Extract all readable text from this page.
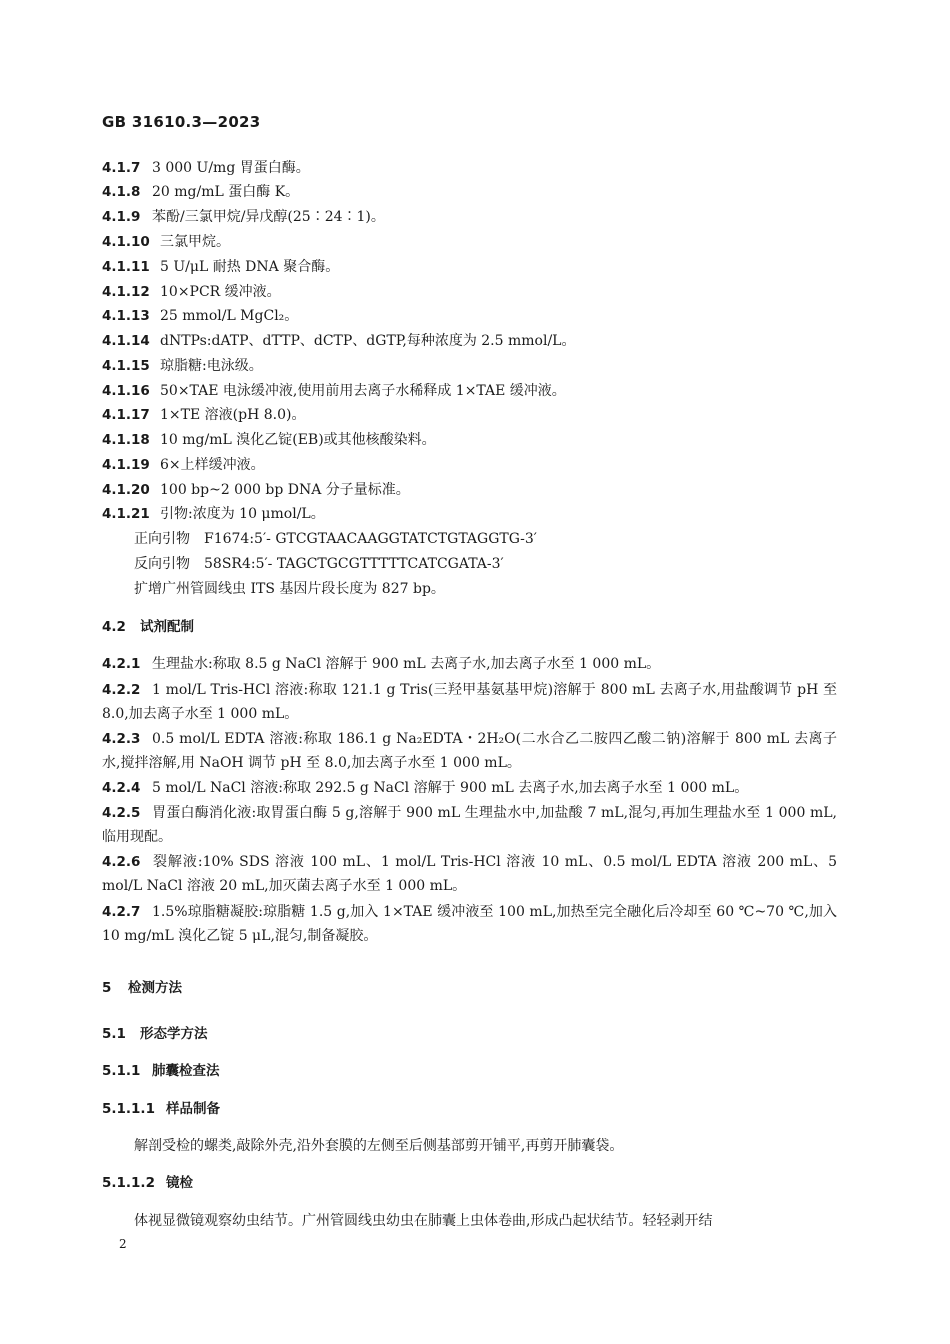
GB 31610.3—2023
4.1.7 3 000 U/mg 胃蛋白酶。
4.1.8 20 mg/mL 蛋白酶 K。
4.1.9 苯酚/三氯甲烷/异戊醇(25∶24∶1)。
4.1.10 三氯甲烷。
4.1.11 5 U/μL 耐热 DNA 聚合酶。
4.1.12 10×PCR 缓冲液。
4.1.13 25 mmol/L MgCl₂。
4.1.14 dNTPs:dATP、dTTP、dCTP、dGTP,每种浓度为 2.5 mmol/L。
4.1.15 琼脂糖:电泳级。
4.1.16 50×TAE 电泳缓冲液,使用前用去离子水稀释成 1×TAE 缓冲液。
4.1.17 1×TE 溶液(pH 8.0)。
4.1.18 10 mg/mL 溴化乙锭(EB)或其他核酸染料。
4.1.19 6×上样缓冲液。
4.1.20 100 bp~2 000 bp DNA 分子量标准。
4.1.21 引物:浓度为 10 μmol/L。
正向引物　F1674:5′- GTCGTAACAAGGTATCTGTAGGTG-3′
反向引物　58SR4:5′- TAGCTGCGTTTTTCATCGATA-3′
扩增广州管圆线虫 ITS 基因片段长度为 827 bp。
4.2 试剂配制
4.2.1 生理盐水:称取 8.5 g NaCl 溶解于 900 mL 去离子水,加去离子水至 1 000 mL。
4.2.2 1 mol/L Tris-HCl 溶液:称取 121.1 g Tris(三羟甲基氨基甲烷)溶解于 800 mL 去离子水,用盐酸调节 pH 至 8.0,加去离子水至 1 000 mL。
4.2.3 0.5 mol/L EDTA 溶液:称取 186.1 g Na₂EDTA・2H₂O(二水合乙二胺四乙酸二钠)溶解于 800 mL 去离子水,搅拌溶解,用 NaOH 调节 pH 至 8.0,加去离子水至 1 000 mL。
4.2.4 5 mol/L NaCl 溶液:称取 292.5 g NaCl 溶解于 900 mL 去离子水,加去离子水至 1 000 mL。
4.2.5 胃蛋白酶消化液:取胃蛋白酶 5 g,溶解于 900 mL 生理盐水中,加盐酸 7 mL,混匀,再加生理盐水至 1 000 mL,临用现配。
4.2.6 裂解液:10% SDS 溶液 100 mL、1 mol/L Tris-HCl 溶液 10 mL、0.5 mol/L EDTA 溶液 200 mL、5 mol/L NaCl 溶液 20 mL,加灭菌去离子水至 1 000 mL。
4.2.7 1.5%琼脂糖凝胶:琼脂糖 1.5 g,加入 1×TAE 缓冲液至 100 mL,加热至完全融化后冷却至 60 ℃~70 ℃,加入 10 mg/mL 溴化乙锭 5 μL,混匀,制备凝胶。
5 检测方法
5.1 形态学方法
5.1.1 肺囊检查法
5.1.1.1 样品制备
解剖受检的螺类,敲除外壳,沿外套膜的左侧至后侧基部剪开铺平,再剪开肺囊袋。
5.1.1.2 镜检
体视显微镜观察幼虫结节。广州管圆线虫幼虫在肺囊上虫体卷曲,形成凸起状结节。轻轻剥开结
2
